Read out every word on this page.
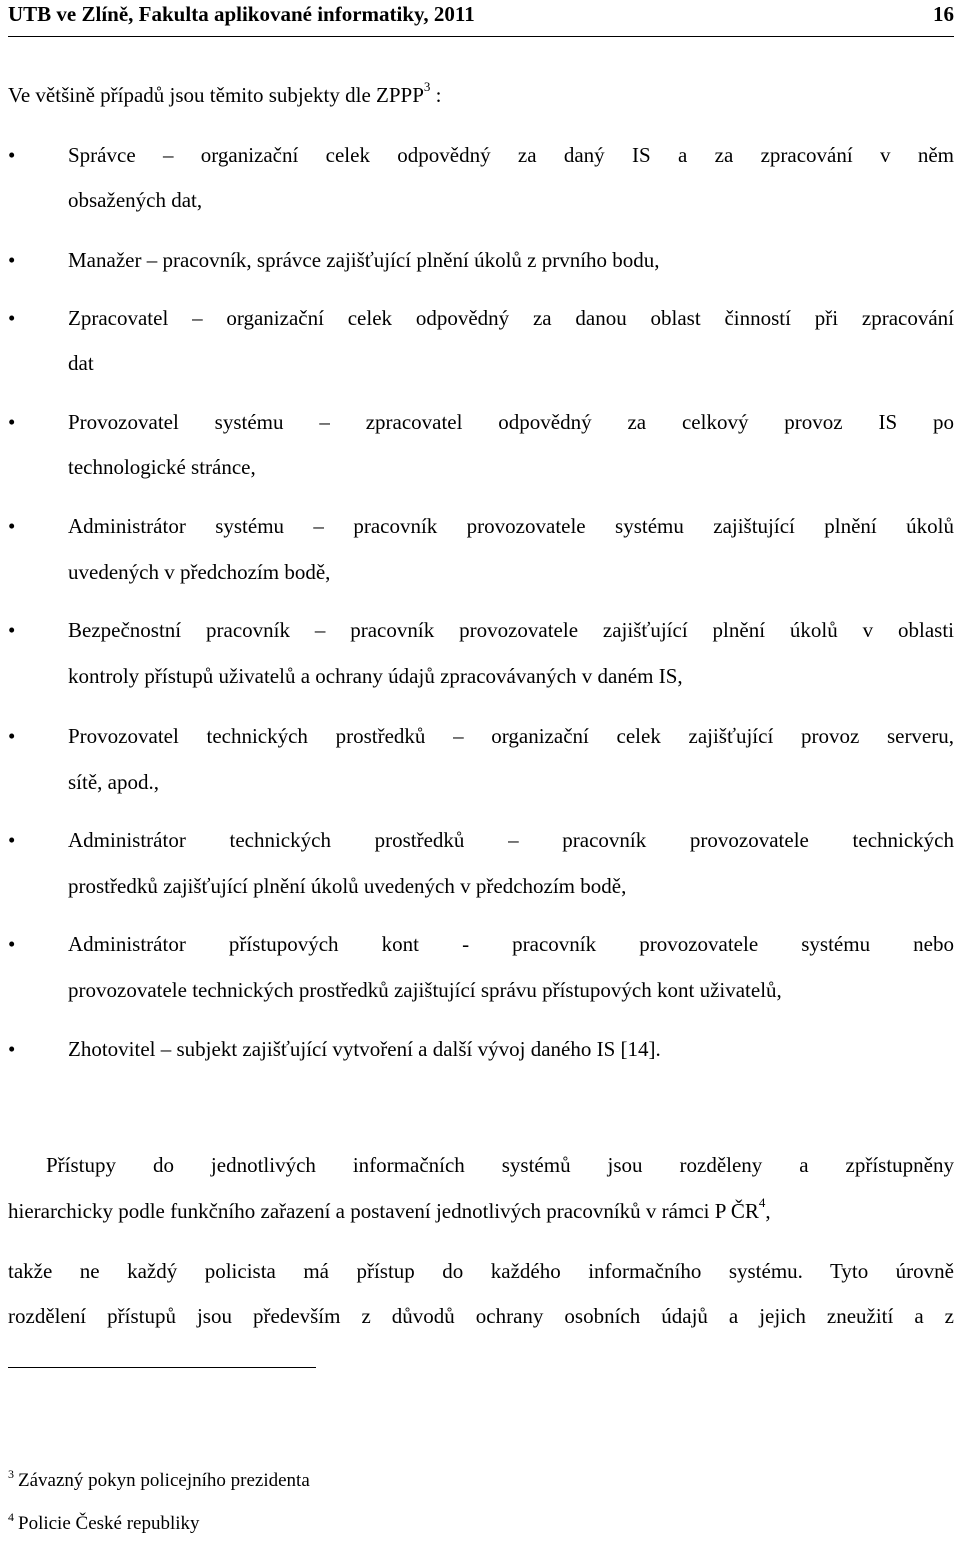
UTB ve Zlíně, Fakulta aplikované informatiky, 2011	16
Ve většině případů jsou těmito subjekty dle ZPPP$^3$ :
•	Správce – organizační celek odpovědný za daný IS a za zpracování v něm
obsažených dat,
•	Manažer – pracovník, správce zajišťující plnění úkolů z prvního bodu,
•	Zpracovatel – organizační celek odpovědný za danou oblast činností při zpracování
dat
•	Provozovatel systému – zpracovatel odpovědný za celkový provoz IS po
technologické stránce,
•	Administrátor systému – pracovník provozovatele systému zajištující plnění úkolů
uvedených v předchozím bodě,
•	Bezpečnostní pracovník – pracovník provozovatele zajišťující plnění úkolů v oblasti
kontroly přístupů uživatelů a ochrany údajů zpracovávaných v daném IS,
•	Provozovatel technických prostředků – organizační celek zajišťující provoz serveru,
sítě, apod.,
•	Administrátor technických prostředků – pracovník provozovatele technických
prostředků zajišťující plnění úkolů uvedených v předchozím bodě,
•	Administrátor přístupových kont - pracovník provozovatele systému nebo
provozovatele technických prostředků zajištující správu přístupových kont uživatelů,
•	Zhotovitel – subjekt zajišťující vytvoření a další vývoj daného IS [14].
Přístupy do jednotlivých informačních systémů jsou rozděleny a zpřístupněny
hierarchicky podle funkčního zařazení a postavení jednotlivých pracovníků v rámci P $ČR^4$,
takže ne každý policista má přístup do každého informačního systému. Tyto úrovně
rozdělení přístupů jsou především z důvodů ochrany osobních údajů a jejich zneužití a z
$^3$ Závazný pokyn policejního prezidenta
$^4$ Policie České republiky
